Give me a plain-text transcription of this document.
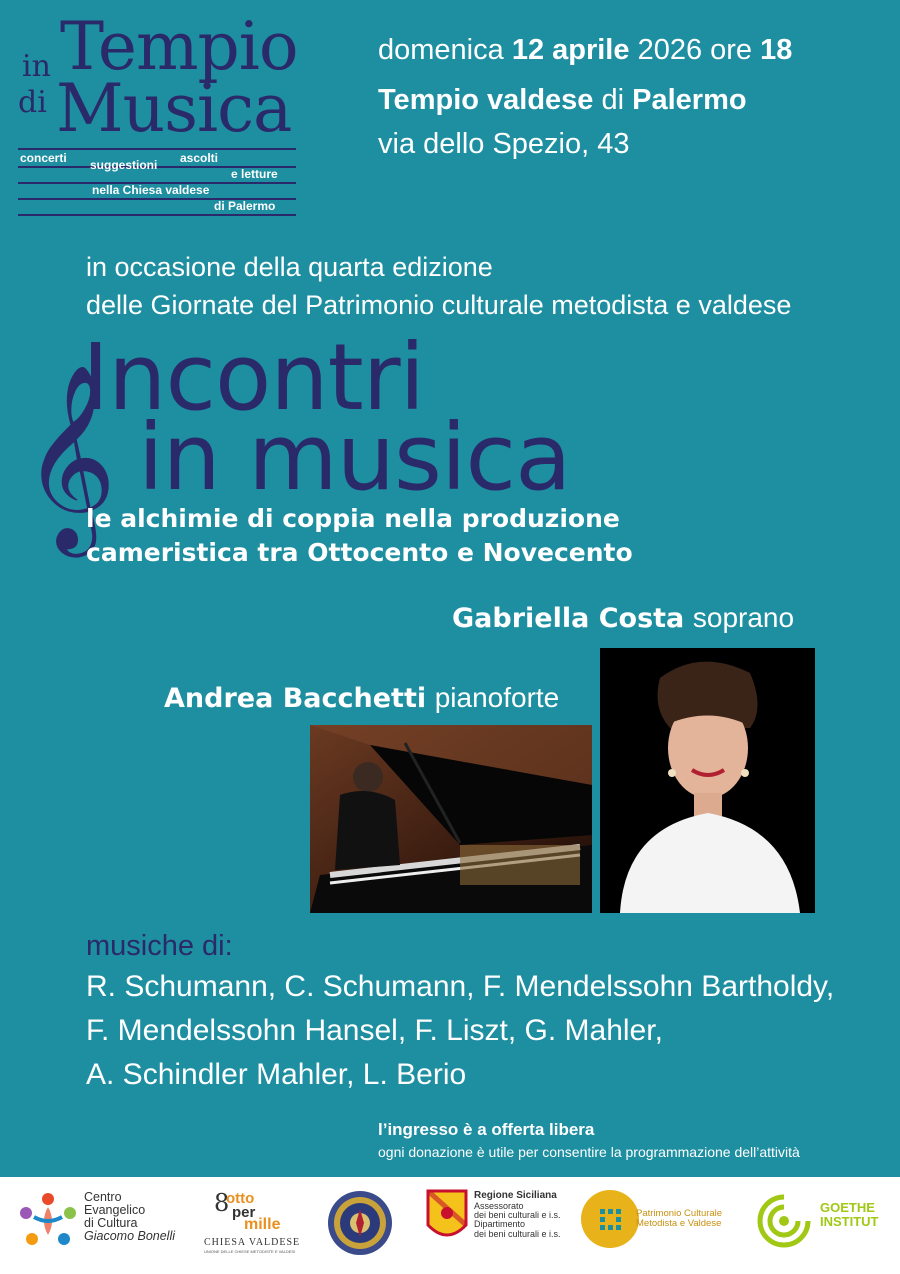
in
di
Tempio
Musica
concerti suggestioni ascolti
e letture
nella Chiesa valdese
di Palermo
domenica 12 aprile 2026 ore 18
Tempio valdese di Palermo
via dello Spezio, 43
in occasione della quarta edizione
delle Giornate del Patrimonio culturale metodista e valdese
𝄞
Incontri
in musica
le alchimie di coppia nella produzione
cameristica tra Ottocento e Novecento
Gabriella Costa soprano
Andrea Bacchetti pianoforte
musiche di:
R. Schumann, C. Schumann, F. Mendelssohn Bartholdy,
F. Mendelssohn Hansel, F. Liszt, G. Mahler,
A. Schindler Mahler, L. Berio
l’ingresso è a offerta libera
ogni donazione è utile per consentire la programmazione dell’attività
Centro
Evangelico
di Cultura
Giacomo Bonelli
8
otto
per
mille
CHIESA VALDESE
UNIONE DELLE CHIESE METODISTE E VALDESI
Regione Siciliana
Assessorato
dei beni culturali e i.s.
Dipartimento
dei beni culturali e i.s.
Patrimonio Culturale
Metodista e Valdese
GOETHE
INSTITUT
